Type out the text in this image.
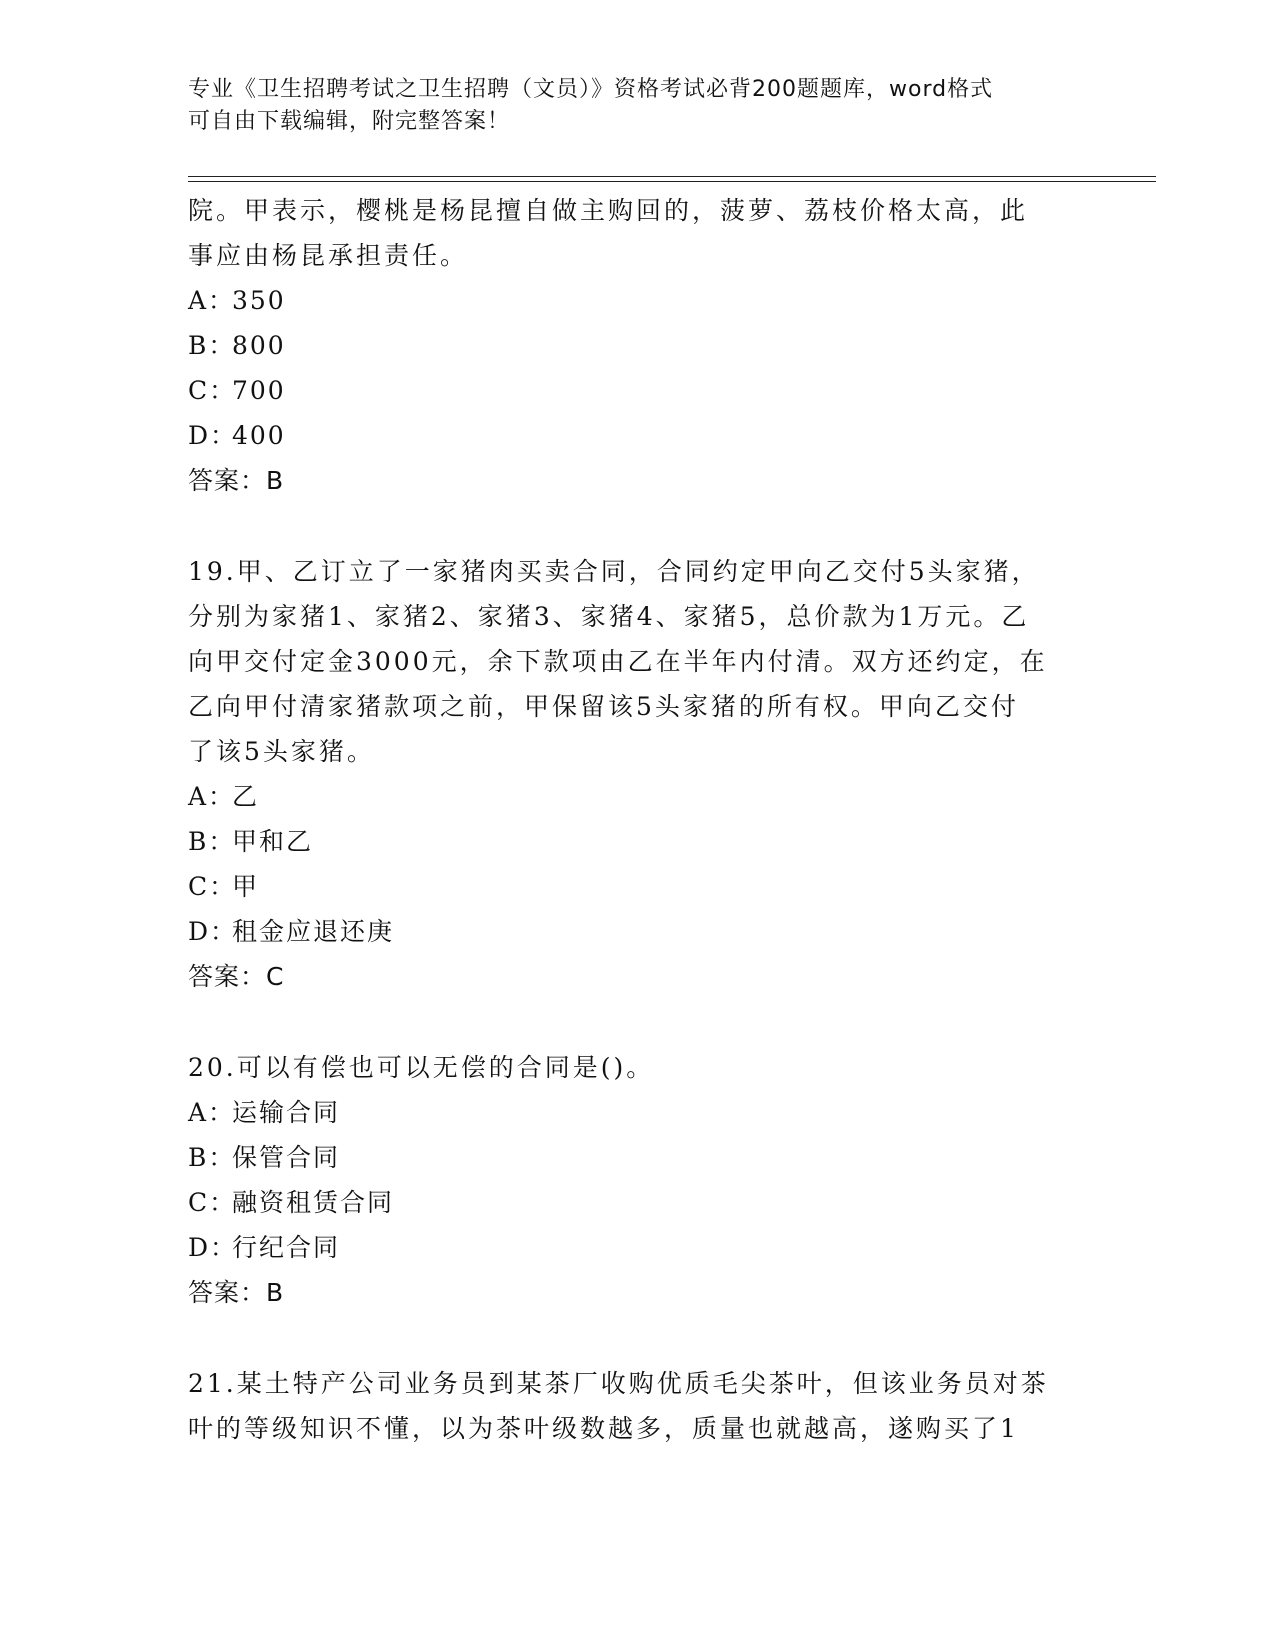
专业《卫生招聘考试之卫生招聘（文员）》资格考试必背200题题库，word格式
可自由下载编辑，附完整答案！
院。甲表示，樱桃是杨昆擅自做主购回的，菠萝、荔枝价格太高，此
事应由杨昆承担责任。
A：350
B：800
C：700
D：400
答案：B
19.甲、乙订立了一家猪肉买卖合同，合同约定甲向乙交付5头家猪，
分别为家猪1、家猪2、家猪3、家猪4、家猪5，总价款为1万元。乙
向甲交付定金3000元，余下款项由乙在半年内付清。双方还约定，在
乙向甲付清家猪款项之前，甲保留该5头家猪的所有权。甲向乙交付
了该5头家猪。
A：乙
B：甲和乙
C：甲
D：租金应退还庚
答案：C
20.可以有偿也可以无偿的合同是()。
A：运输合同
B：保管合同
C：融资租赁合同
D：行纪合同
答案：B
21.某土特产公司业务员到某茶厂收购优质毛尖茶叶，但该业务员对茶
叶的等级知识不懂，以为茶叶级数越多，质量也就越高，遂购买了1
